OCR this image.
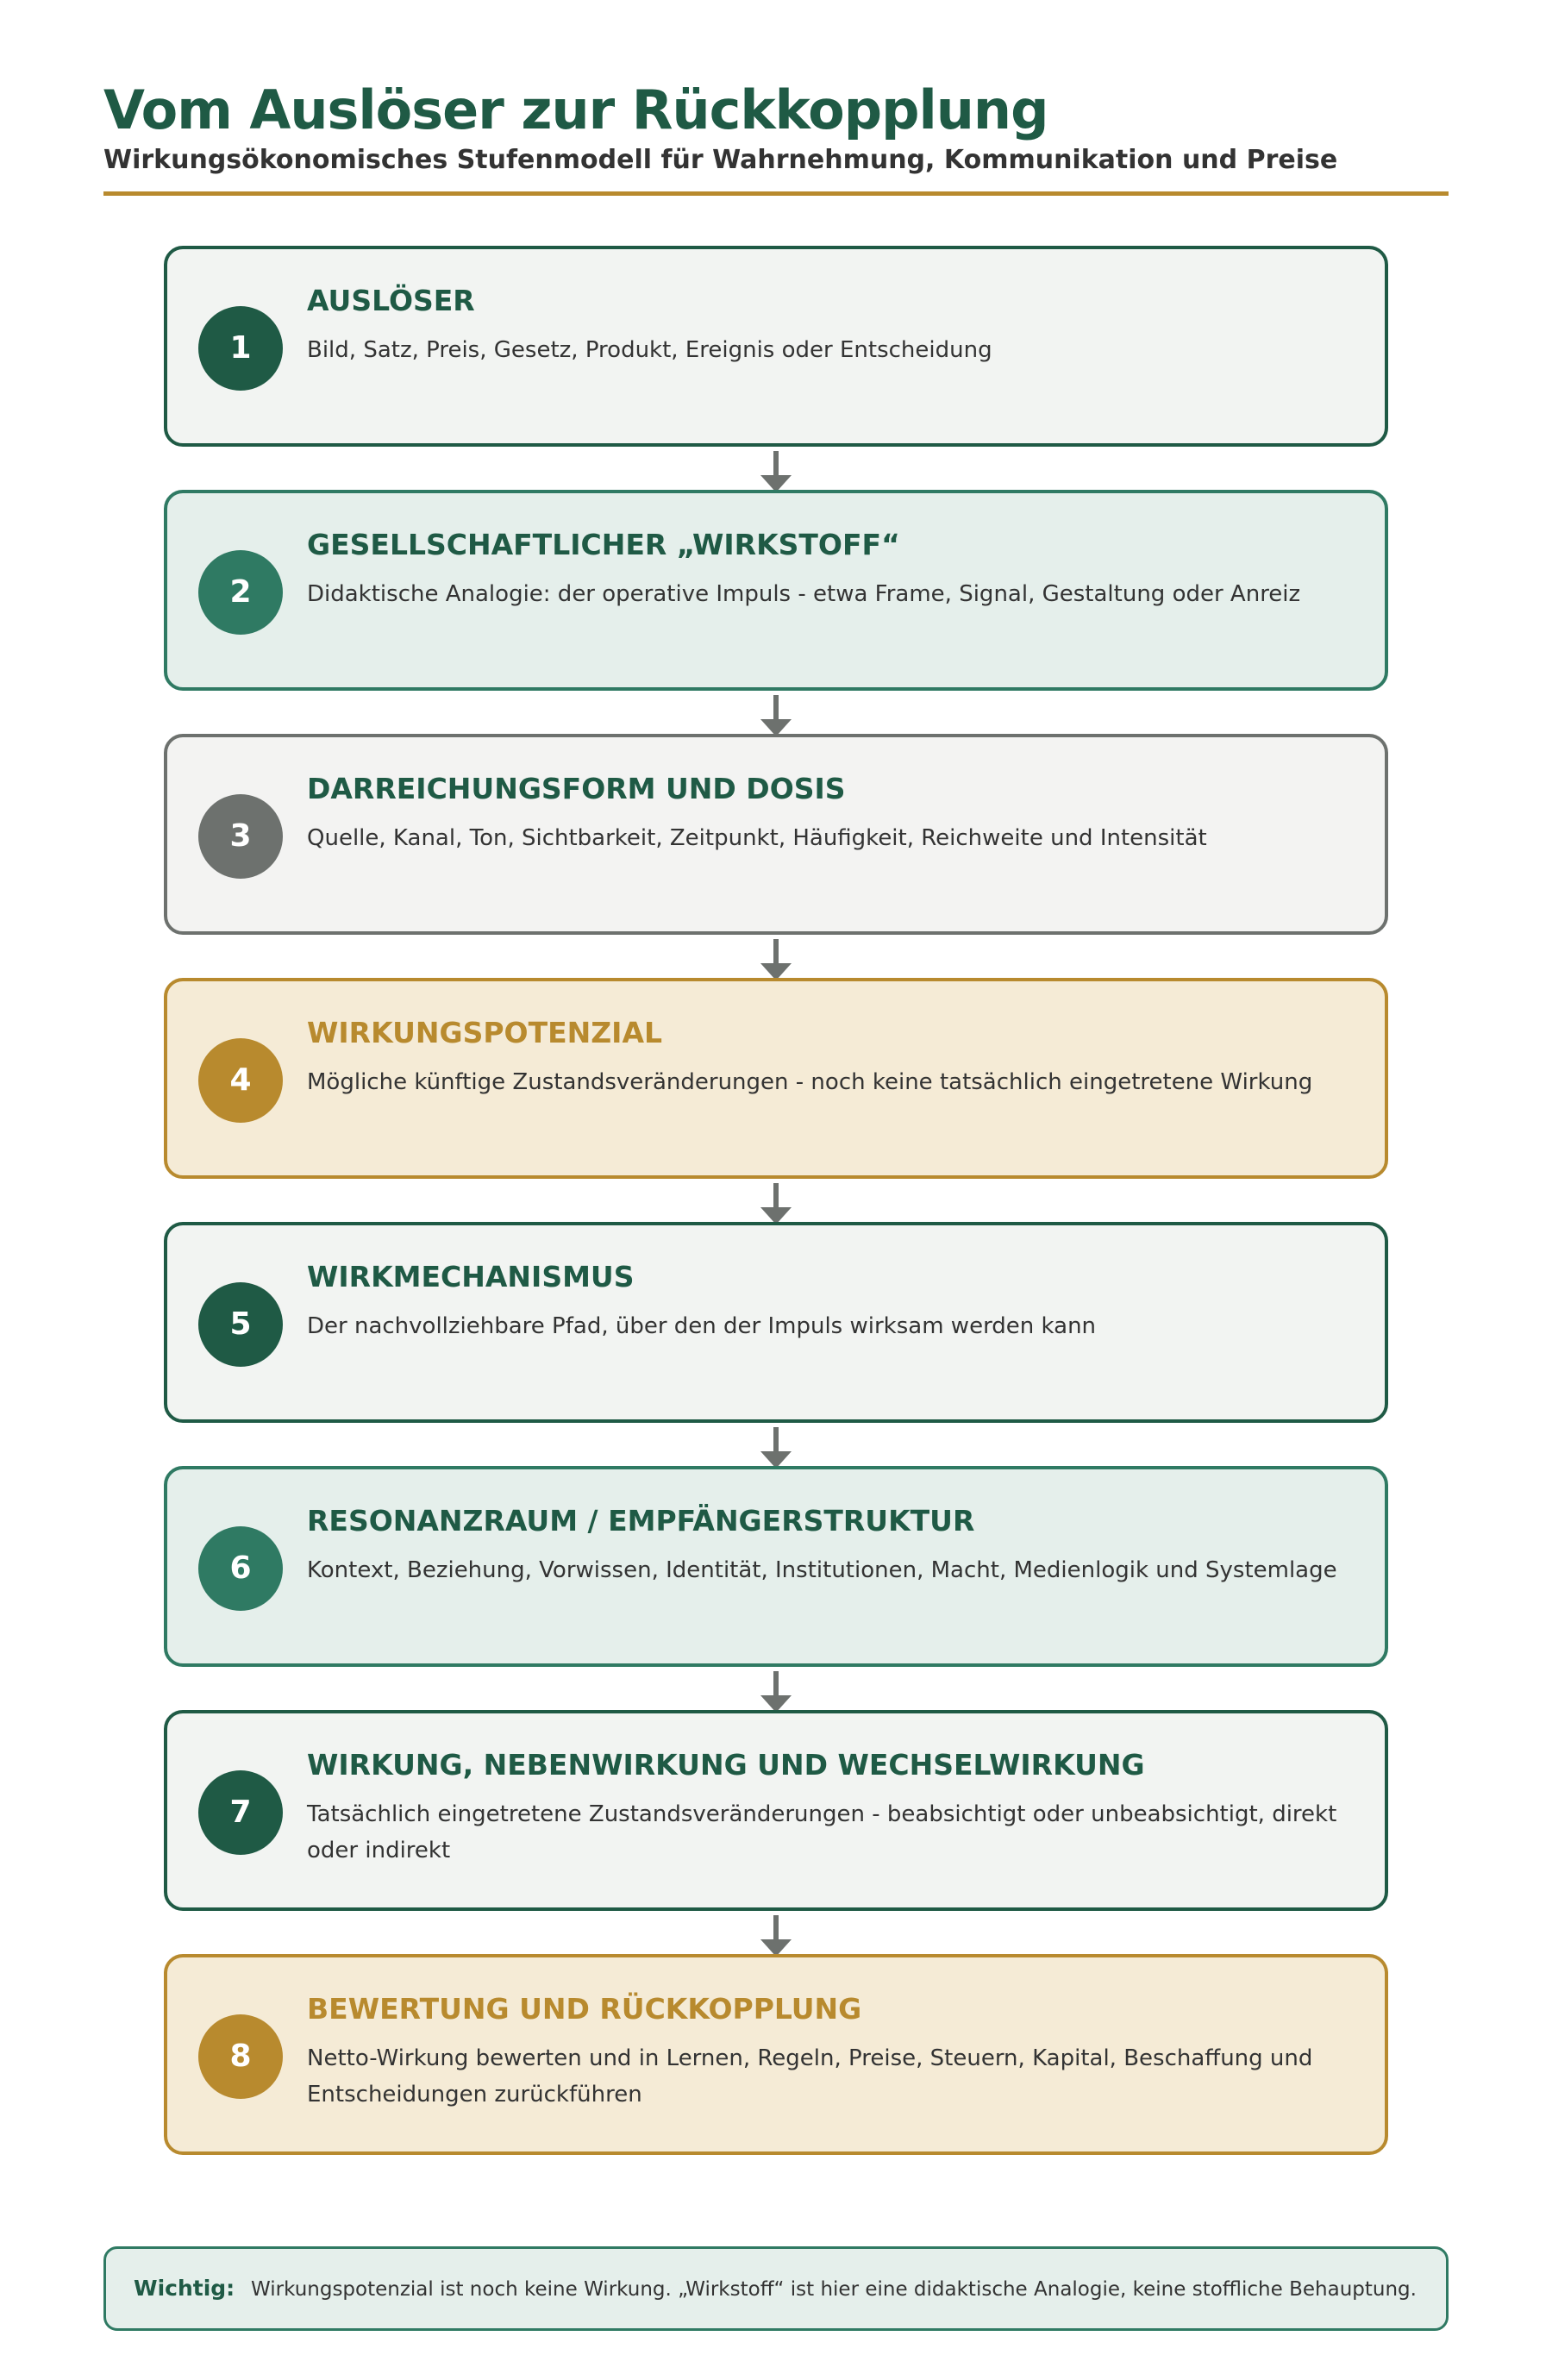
Vom Auslöser zur Rückkopplung
Wirkungsökonomisches Stufenmodell für Wahrnehmung, Kommunikation und Preise
1
AUSLÖSER

Bild, Satz, Preis, Gesetz, Produkt, Ereignis oder Entscheidung

2
GESELLSCHAFTLICHER „WIRKSTOFF“

Didaktische Analogie: der operative Impuls - etwa Frame, Signal, Gestaltung oder Anreiz

3
DARREICHUNGSFORM UND DOSIS

Quelle, Kanal, Ton, Sichtbarkeit, Zeitpunkt, Häufigkeit, Reichweite und Intensität

4
WIRKUNGSPOTENZIAL

Mögliche künftige Zustandsveränderungen - noch keine tatsächlich eingetretene Wirkung

5
WIRKMECHANISMUS

Der nachvollziehbare Pfad, über den der Impuls wirksam werden kann

6
RESONANZRAUM / EMPFÄNGERSTRUKTUR

Kontext, Beziehung, Vorwissen, Identität, Institutionen, Macht, Medienlogik und Systemlage

7
WIRKUNG, NEBENWIRKUNG UND WECHSELWIRKUNG

Tatsächlich eingetretene Zustandsveränderungen - beabsichtigt oder unbeabsichtigt, direkt oder indirekt

8
BEWERTUNG UND RÜCKKOPPLUNG

Netto-Wirkung bewerten und in Lernen, Regeln, Preise, Steuern, Kapital, Beschaffung und Entscheidungen zurückführen

Wichtig: Wirkungspotenzial ist noch keine Wirkung. „Wirkstoff“ ist hier eine didaktische Analogie, keine stoffliche Behauptung.
